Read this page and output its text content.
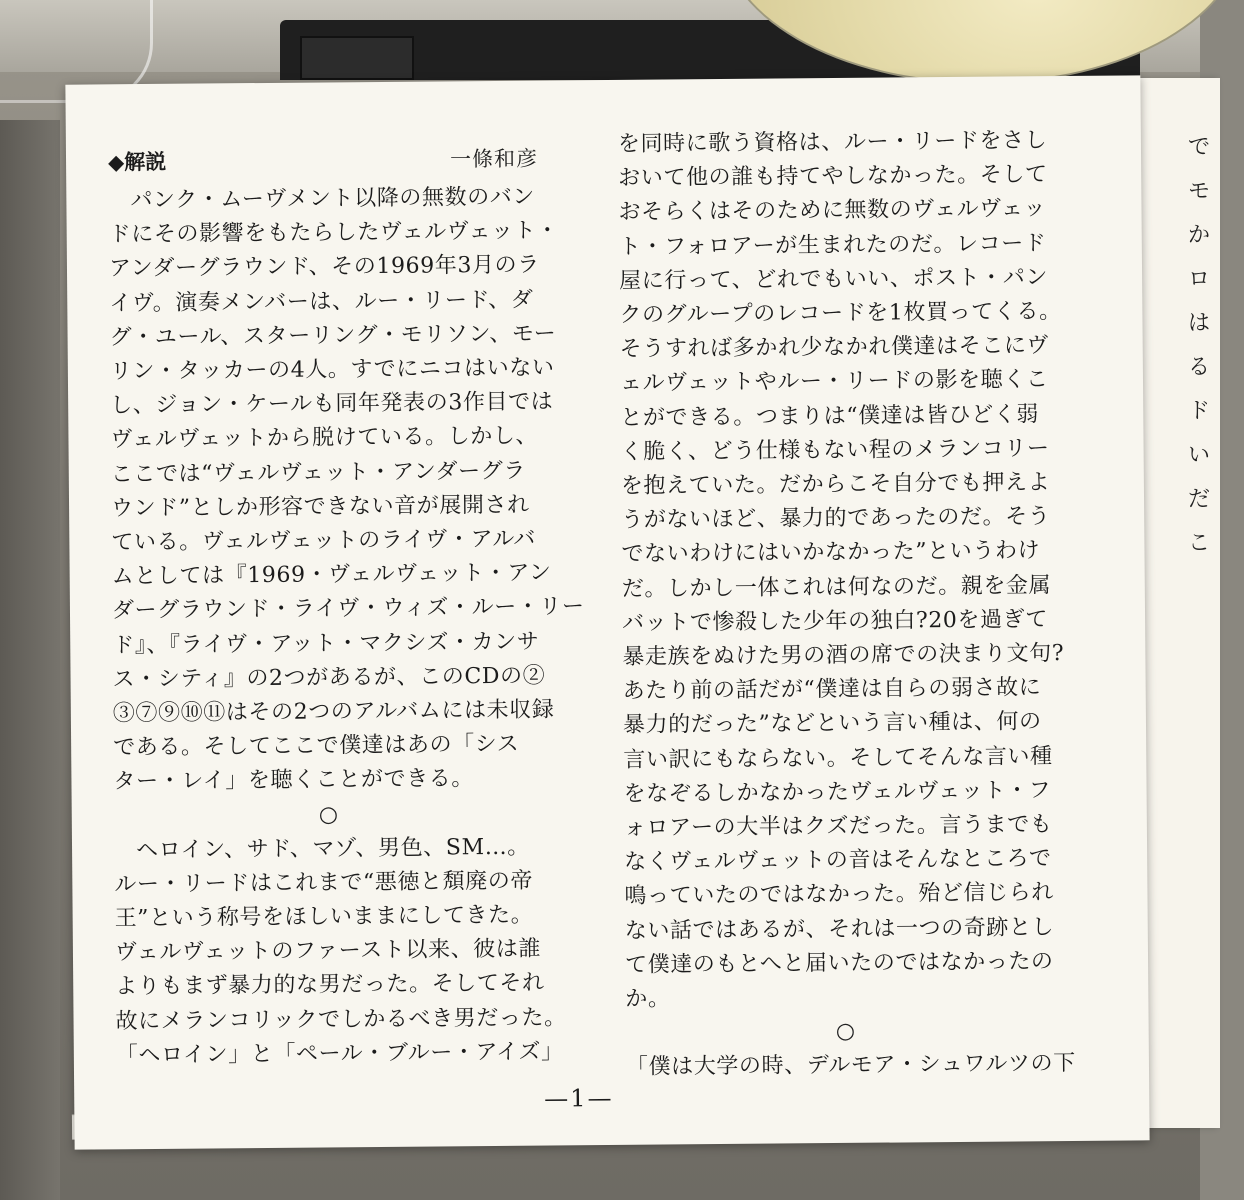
で
モ
か
ロ
は
る
ド
い
だ
こ
◆解説	一條和彦
パンク・ムーヴメント以降の無数のバン
ドにその影響をもたらしたヴェルヴェット・
アンダーグラウンド、その1969年3月のラ
イヴ。演奏メンバーは、ルー・リード、ダ
グ・ユール、スターリング・モリソン、モー
リン・タッカーの4人。すでにニコはいない
し、ジョン・ケールも同年発表の3作目では
ヴェルヴェットから脱けている。しかし、
ここでは“ヴェルヴェット・アンダーグラ
ウンド”としか形容できない音が展開され
ている。ヴェルヴェットのライヴ・アルバ
ムとしては『1969・ヴェルヴェット・アン
ダーグラウンド・ライヴ・ウィズ・ルー・リー
ド』、『ライヴ・アット・マクシズ・カンサ
ス・シティ』の2つがあるが、このCDの②
③⑦⑨⑩⑪はその2つのアルバムには未収録
である。そしてここで僕達はあの「シス
ター・レイ」を聴くことができる。
○
ヘロイン、サド、マゾ、男色、SM…。
ルー・リードはこれまで“悪徳と頽廃の帝
王”という称号をほしいままにしてきた。
ヴェルヴェットのファースト以来、彼は誰
よりもまず暴力的な男だった。そしてそれ
故にメランコリックでしかるべき男だった。
「ヘロイン」と「ペール・ブルー・アイズ」
を同時に歌う資格は、ルー・リードをさし
おいて他の誰も持てやしなかった。そして
おそらくはそのために無数のヴェルヴェッ
ト・フォロアーが生まれたのだ。レコード
屋に行って、どれでもいい、ポスト・パン
クのグループのレコードを1枚買ってくる。
そうすれば多かれ少なかれ僕達はそこにヴ
ェルヴェットやルー・リードの影を聴くこ
とができる。つまりは“僕達は皆ひどく弱
く脆く、どう仕様もない程のメランコリー
を抱えていた。だからこそ自分でも押えよ
うがないほど、暴力的であったのだ。そう
でないわけにはいかなかった”というわけ
だ。しかし一体これは何なのだ。親を金属
バットで惨殺した少年の独白?20を過ぎて
暴走族をぬけた男の酒の席での決まり文句?
あたり前の話だが“僕達は自らの弱さ故に
暴力的だった”などという言い種は、何の
言い訳にもならない。そしてそんな言い種
をなぞるしかなかったヴェルヴェット・フ
ォロアーの大半はクズだった。言うまでも
なくヴェルヴェットの音はそんなところで
鳴っていたのではなかった。殆ど信じられ
ない話ではあるが、それは一つの奇跡とし
て僕達のもとへと届いたのではなかったの
か。
○
「僕は大学の時、デルモア・シュワルツの下
—1—
